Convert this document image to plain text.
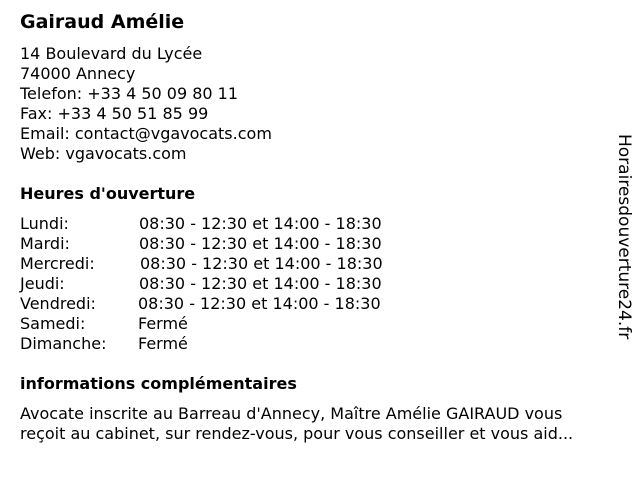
Gairaud Amélie
14 Boulevard du Lycée
74000 Annecy
Telefon: +33 4 50 09 80 11
Fax: +33 4 50 51 85 99
Email: contact@vgavocats.com
Web: vgavocats.com
Heures d'ouverture
Lundi:	08:30 - 12:30 et 14:00 - 18:30
Mardi:	08:30 - 12:30 et 14:00 - 18:30
Mercredi:	08:30 - 12:30 et 14:00 - 18:30
Jeudi:	08:30 - 12:30 et 14:00 - 18:30
Vendredi:	08:30 - 12:30 et 14:00 - 18:30
Samedi:	Fermé
Dimanche: Fermé
informations complémentaires
Avocate inscrite au Barreau d'Annecy, Maître Amélie GAIRAUD vous
reçoit au cabinet, sur rendez-vous, pour vous conseiller et vous aid...
Horairesdouverture24.fr
